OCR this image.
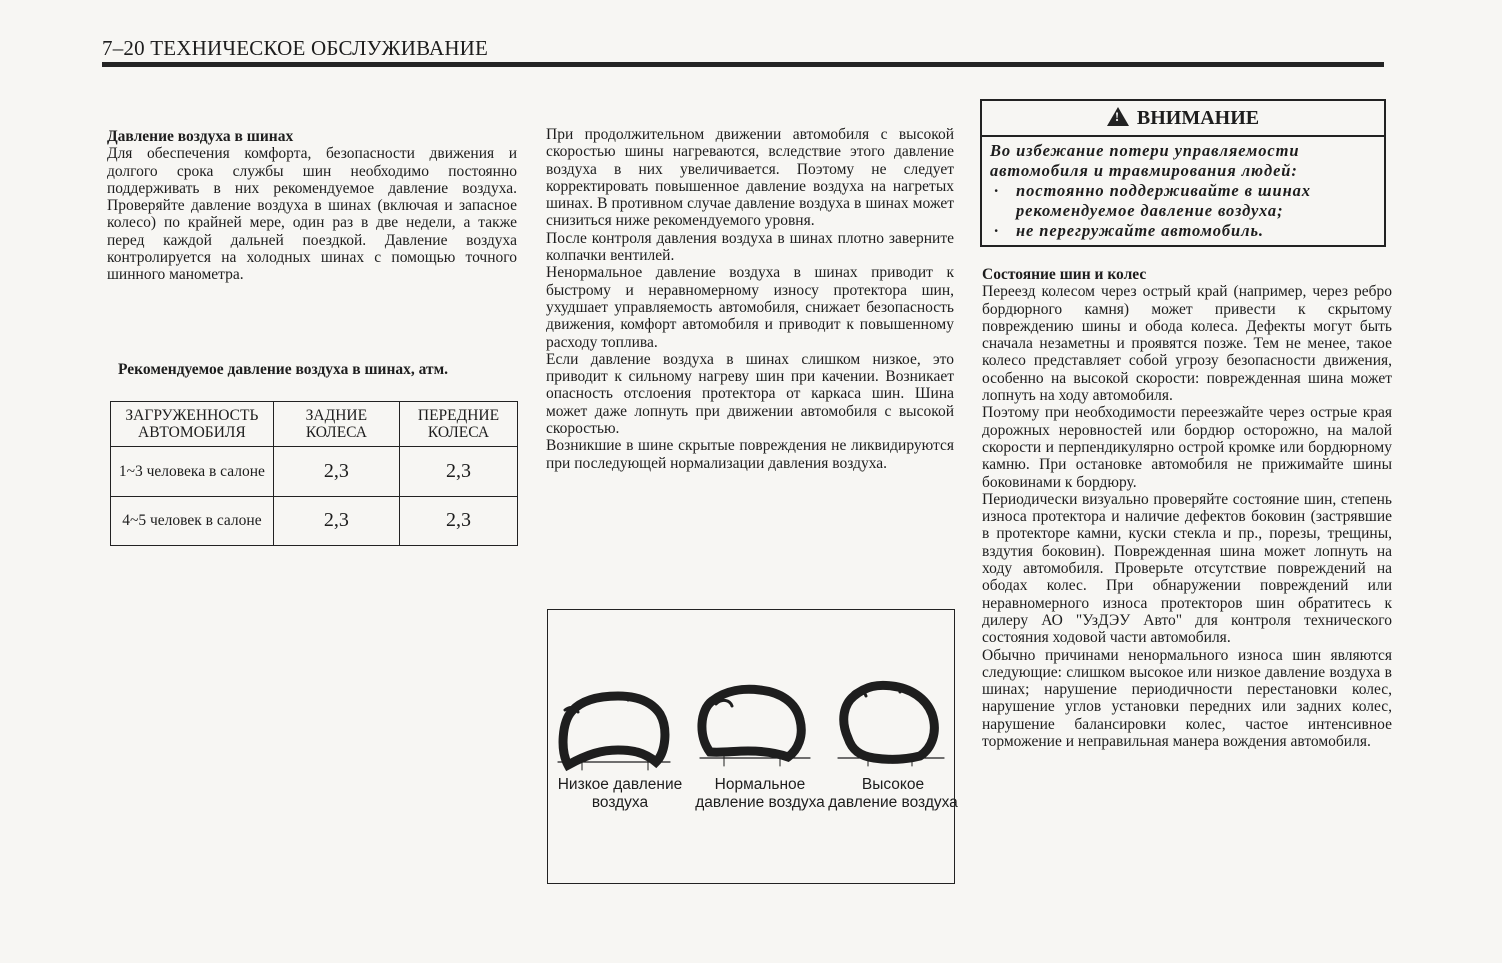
7–20 ТЕХНИЧЕСКОЕ ОБСЛУЖИВАНИЕ

Давление воздуха в шинах

Для обеспечения комфорта, безопасности движения и долгого срока службы шин необходимо постоянно поддерживать в них рекомендуемое давление воздуха. Проверяйте давление воздуха в шинах (включая и запасное колесо) по крайней мере, один раз в две недели, а также перед каждой дальней поездкой. Давление воздуха контролируется на холодных шинах с помощью точного шинного манометра.

Рекомендуемое давление воздуха в шинах, атм.
ЗАГРУЖЕННОСТЬ АВТОМОБИЛЯ	ЗАДНИЕ КОЛЕСА	ПЕРЕДНИЕ КОЛЕСА
1~3 человека в салоне	2,3	2,3
4~5 человек в салоне	2,3	2,3

При продолжительном движении автомобиля с высокой скоростью шины нагреваются, вследствие этого давление воздуха в них увеличивается. Поэтому не следует корректировать повышенное давление воздуха на нагретых шинах. В противном случае давление воздуха в шинах может снизиться ниже рекомендуемого уровня.

После контроля давления воздуха в шинах плотно заверните колпачки вентилей.

Ненормальное давление воздуха в шинах приводит к быстрому и неравномерному износу протектора шин, ухудшает управляемость автомобиля, снижает безопасность движения, комфорт автомобиля и приводит к повышенному расходу топлива.

Если давление воздуха в шинах слишком низкое, это приводит к сильному нагреву шин при качении. Возникает опасность отслоения протектора от каркаса шин. Шина может даже лопнуть при движении автомобиля с высокой скоростью.

Возникшие в шине скрытые повреждения не ликвидируются при последующей нормализации давления воздуха.

Низкое давление воздуха
Нормальное давление воздуха
Высокое давление воздуха
!ВНИМАНИЕ
Во избежание потери управляемости автомобиля и травмирования людей:
· постоянно поддерживайте в шинах рекомендуемое давление воздуха;
· не перегружайте автомобиль.

Состояние шин и колес

Переезд колесом через острый край (например, через ребро бордюрного камня) может привести к скрытому повреждению шины и обода колеса. Дефекты могут быть сначала незаметны и проявятся позже. Тем не менее, такое колесо представляет собой угрозу безопасности движения, особенно на высокой скорости: поврежденная шина может лопнуть на ходу автомобиля.

Поэтому при необходимости переезжайте через острые края дорожных неровностей или бордюр осторожно, на малой скорости и перпендикулярно острой кромке или бордюрному камню. При остановке автомобиля не прижимайте шины боковинами к бордюру.

Периодически визуально проверяйте состояние шин, степень износа протектора и наличие дефектов боковин (застрявшие в протекторе камни, куски стекла и пр., порезы, трещины, вздутия боковин). Поврежденная шина может лопнуть на ходу автомобиля. Проверьте отсутствие повреждений на ободах колес. При обнаружении повреждений или неравномерного износа протекторов шин обратитесь к дилеру АО "УзДЭУ Авто" для контроля технического состояния ходовой части автомобиля.

Обычно причинами ненормального износа шин являются следующие: слишком высокое или низкое давление воздуха в шинах; нарушение периодичности перестановки колес, нарушение углов установки передних или задних колес, нарушение балансировки колес, частое интенсивное торможение и неправильная манера вождения автомобиля.
